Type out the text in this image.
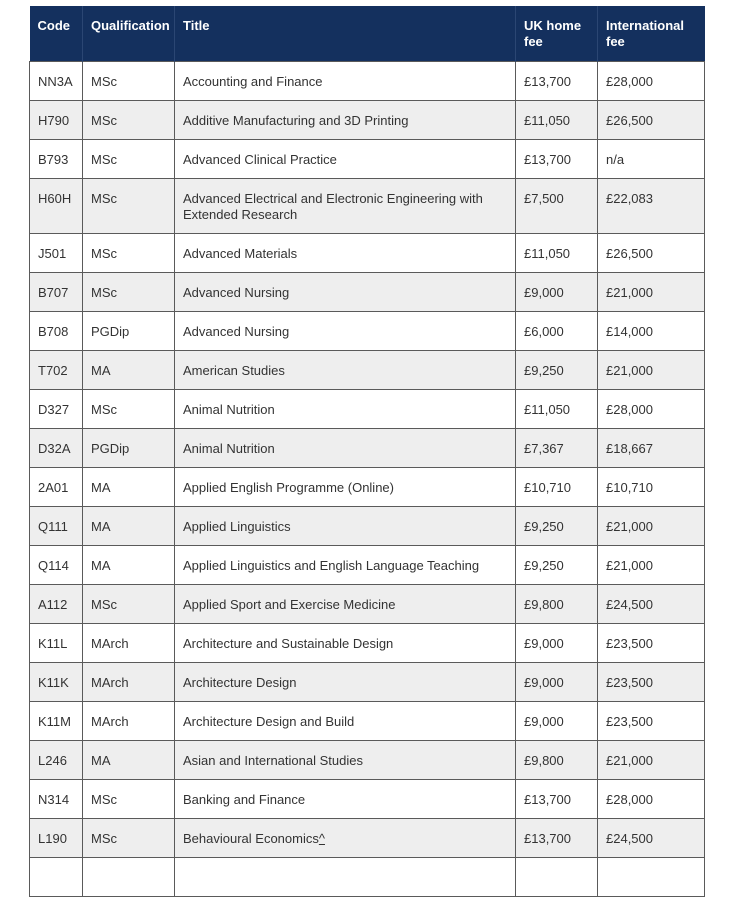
Code	Qualification	Title	UK home fee	International fee
NN3A	MSc	Accounting and Finance	£13,700	£28,000
H790	MSc	Additive Manufacturing and 3D Printing	£11,050	£26,500
B793	MSc	Advanced Clinical Practice	£13,700	n/a
H60H	MSc	Advanced Electrical and Electronic Engineering with Extended Research	£7,500	£22,083
J501	MSc	Advanced Materials	£11,050	£26,500
B707	MSc	Advanced Nursing	£9,000	£21,000
B708	PGDip	Advanced Nursing	£6,000	£14,000
T702	MA	American Studies	£9,250	£21,000
D327	MSc	Animal Nutrition	£11,050	£28,000
D32A	PGDip	Animal Nutrition	£7,367	£18,667
2A01	MA	Applied English Programme (Online)	£10,710	£10,710
Q111	MA	Applied Linguistics	£9,250	£21,000
Q114	MA	Applied Linguistics and English Language Teaching	£9,250	£21,000
A112	MSc	Applied Sport and Exercise Medicine	£9,800	£24,500
K11L	MArch	Architecture and Sustainable Design	£9,000	£23,500
K11K	MArch	Architecture Design	£9,000	£23,500
K11M	MArch	Architecture Design and Build	£9,000	£23,500
L246	MA	Asian and International Studies	£9,800	£21,000
N314	MSc	Banking and Finance	£13,700	£28,000
L190	MSc	Behavioural Economics^	£13,700	£24,500
